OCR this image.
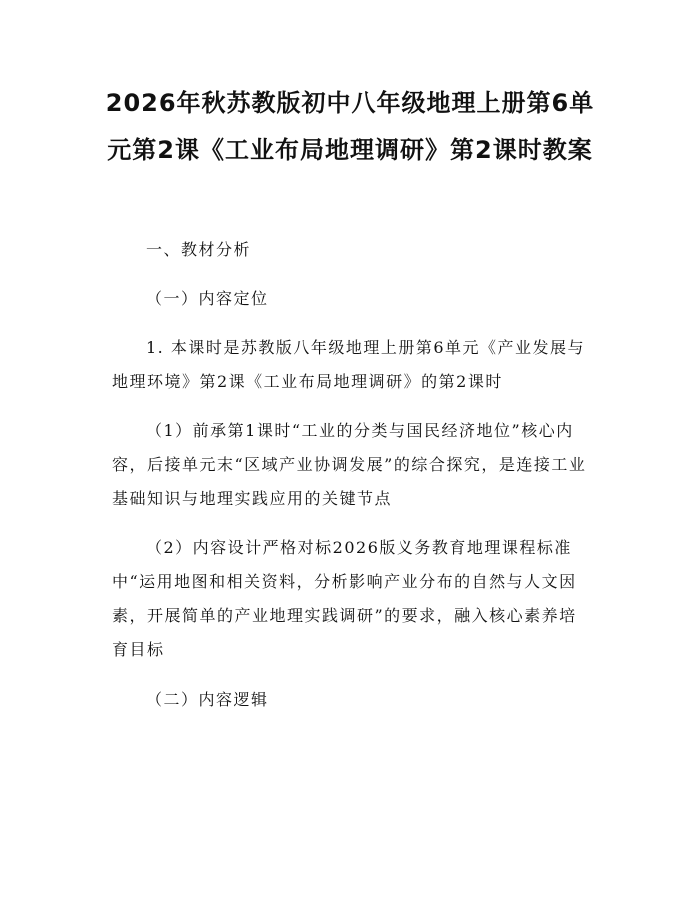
2026年秋苏教版初中八年级地理上册第6单元第2课《工业布局地理调研》第2课时教案

一、教材分析

（一）内容定位

1. 本课时是苏教版八年级地理上册第6单元《产业发展与地理环境》第2课《工业布局地理调研》的第2课时

（1）前承第1课时“工业的分类与国民经济地位”核心内容，后接单元末“区域产业协调发展”的综合探究，是连接工业基础知识与地理实践应用的关键节点

（2）内容设计严格对标2026版义务教育地理课程标准中“运用地图和相关资料，分析影响产业分布的自然与人文因素，开展简单的产业地理实践调研”的要求，融入核心素养培育目标

（二）内容逻辑
